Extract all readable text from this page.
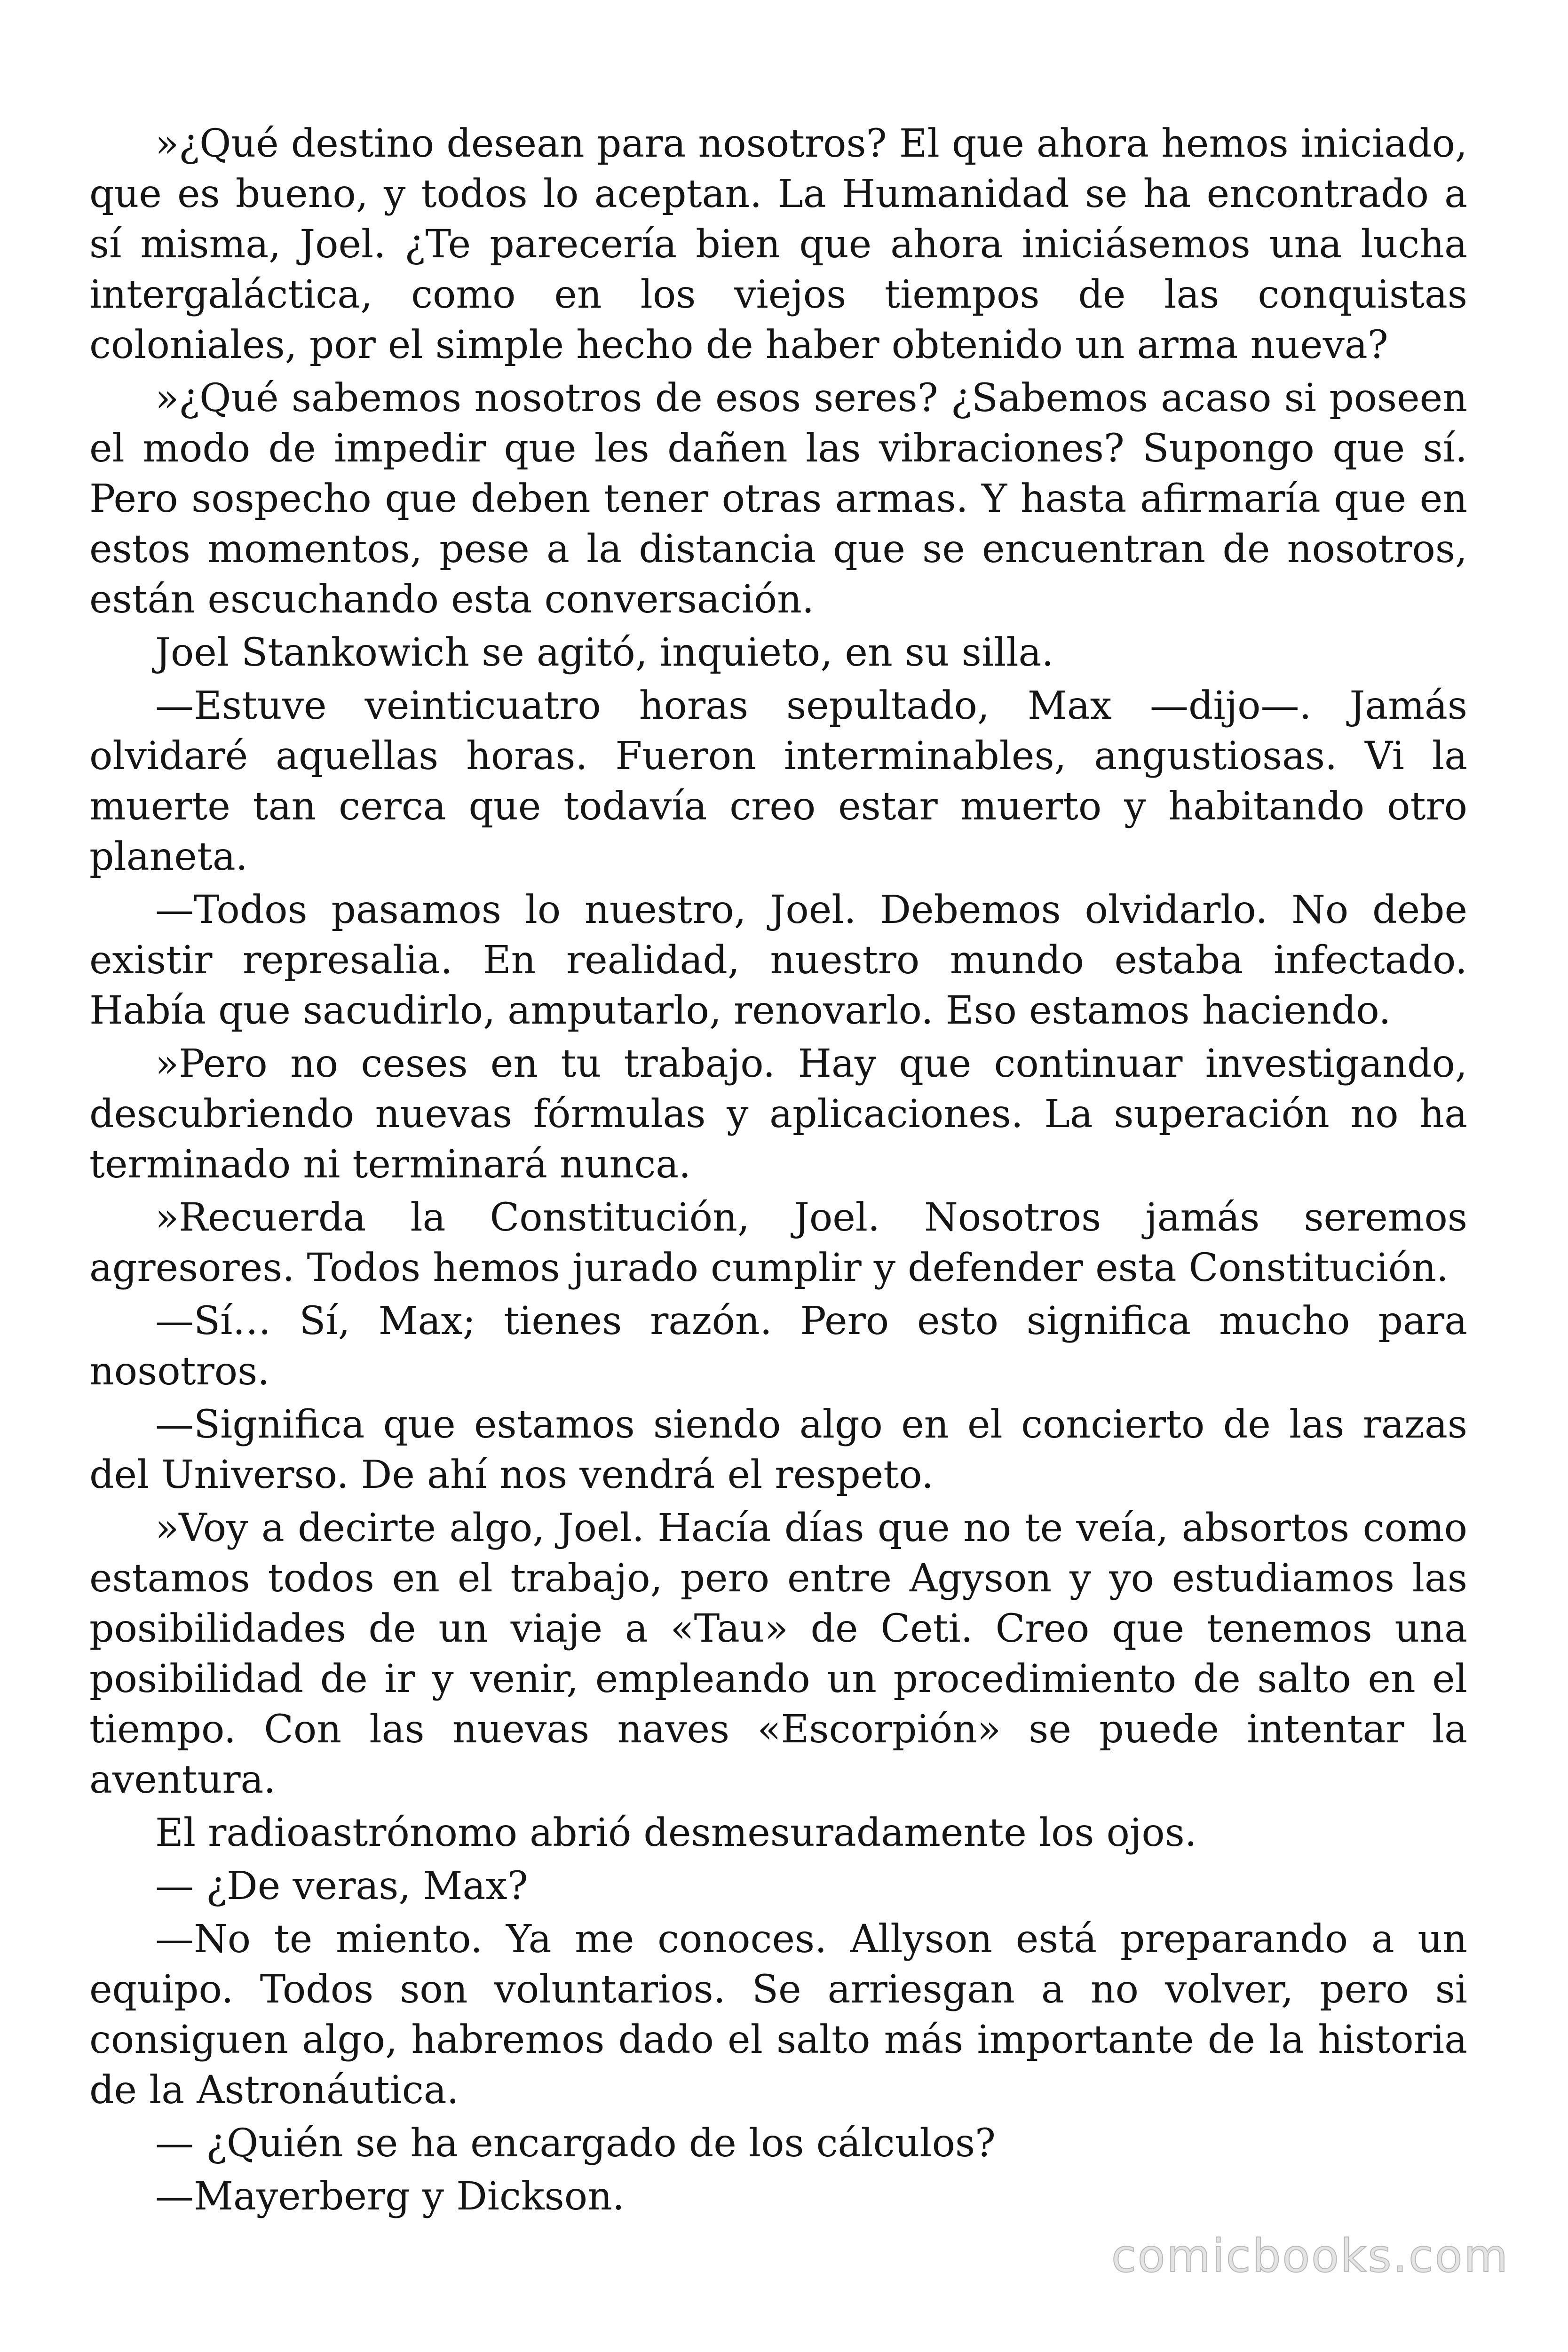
»¿Qué destino desean para nosotros? El que ahora hemos iniciado, que es bueno, y todos lo aceptan. La Humanidad se ha encontrado a sí misma, Joel. ¿Te parecería bien que ahora iniciásemos una lucha intergaláctica, como en los viejos tiempos de las conquistas coloniales, por el simple hecho de haber obtenido un arma nueva?

»¿Qué sabemos nosotros de esos seres? ¿Sabemos acaso si poseen el modo de impedir que les dañen las vibraciones? Supongo que sí. Pero sospecho que deben tener otras armas. Y hasta afirmaría que en estos momentos, pese a la distancia que se encuentran de nosotros, están escuchando esta conversación.

Joel Stankowich se agitó, inquieto, en su silla.

—Estuve veinticuatro horas sepultado, Max —dijo—. Jamás olvidaré aquellas horas. Fueron interminables, angustiosas. Vi la muerte tan cerca que todavía creo estar muerto y habitando otro planeta.

—Todos pasamos lo nuestro, Joel. Debemos olvidarlo. No debe existir represalia. En realidad, nuestro mundo estaba infectado. Había que sacudirlo, amputarlo, renovarlo. Eso estamos haciendo.

»Pero no ceses en tu trabajo. Hay que continuar investigando, descubriendo nuevas fórmulas y aplicaciones. La superación no ha terminado ni terminará nunca.

»Recuerda la Constitución, Joel. Nosotros jamás seremos agresores. Todos hemos jurado cumplir y defender esta Constitución.

—Sí… Sí, Max; tienes razón. Pero esto significa mucho para nosotros.

—Significa que estamos siendo algo en el concierto de las razas del Universo. De ahí nos vendrá el respeto.

»Voy a decirte algo, Joel. Hacía días que no te veía, absortos como estamos todos en el trabajo, pero entre Agyson y yo estudiamos las posibilidades de un viaje a «Tau» de Ceti. Creo que tenemos una posibilidad de ir y venir, empleando un procedimiento de salto en el tiempo. Con las nuevas naves «Escorpión» se puede intentar la aventura.

El radioastrónomo abrió desmesuradamente los ojos.

— ¿De veras, Max?

—No te miento. Ya me conoces. Allyson está preparando a un equipo. Todos son voluntarios. Se arriesgan a no volver, pero si consiguen algo, habremos dado el salto más importante de la historia de la Astronáutica.

— ¿Quién se ha encargado de los cálculos?

—Mayerberg y Dickson.

comicbooks.com
